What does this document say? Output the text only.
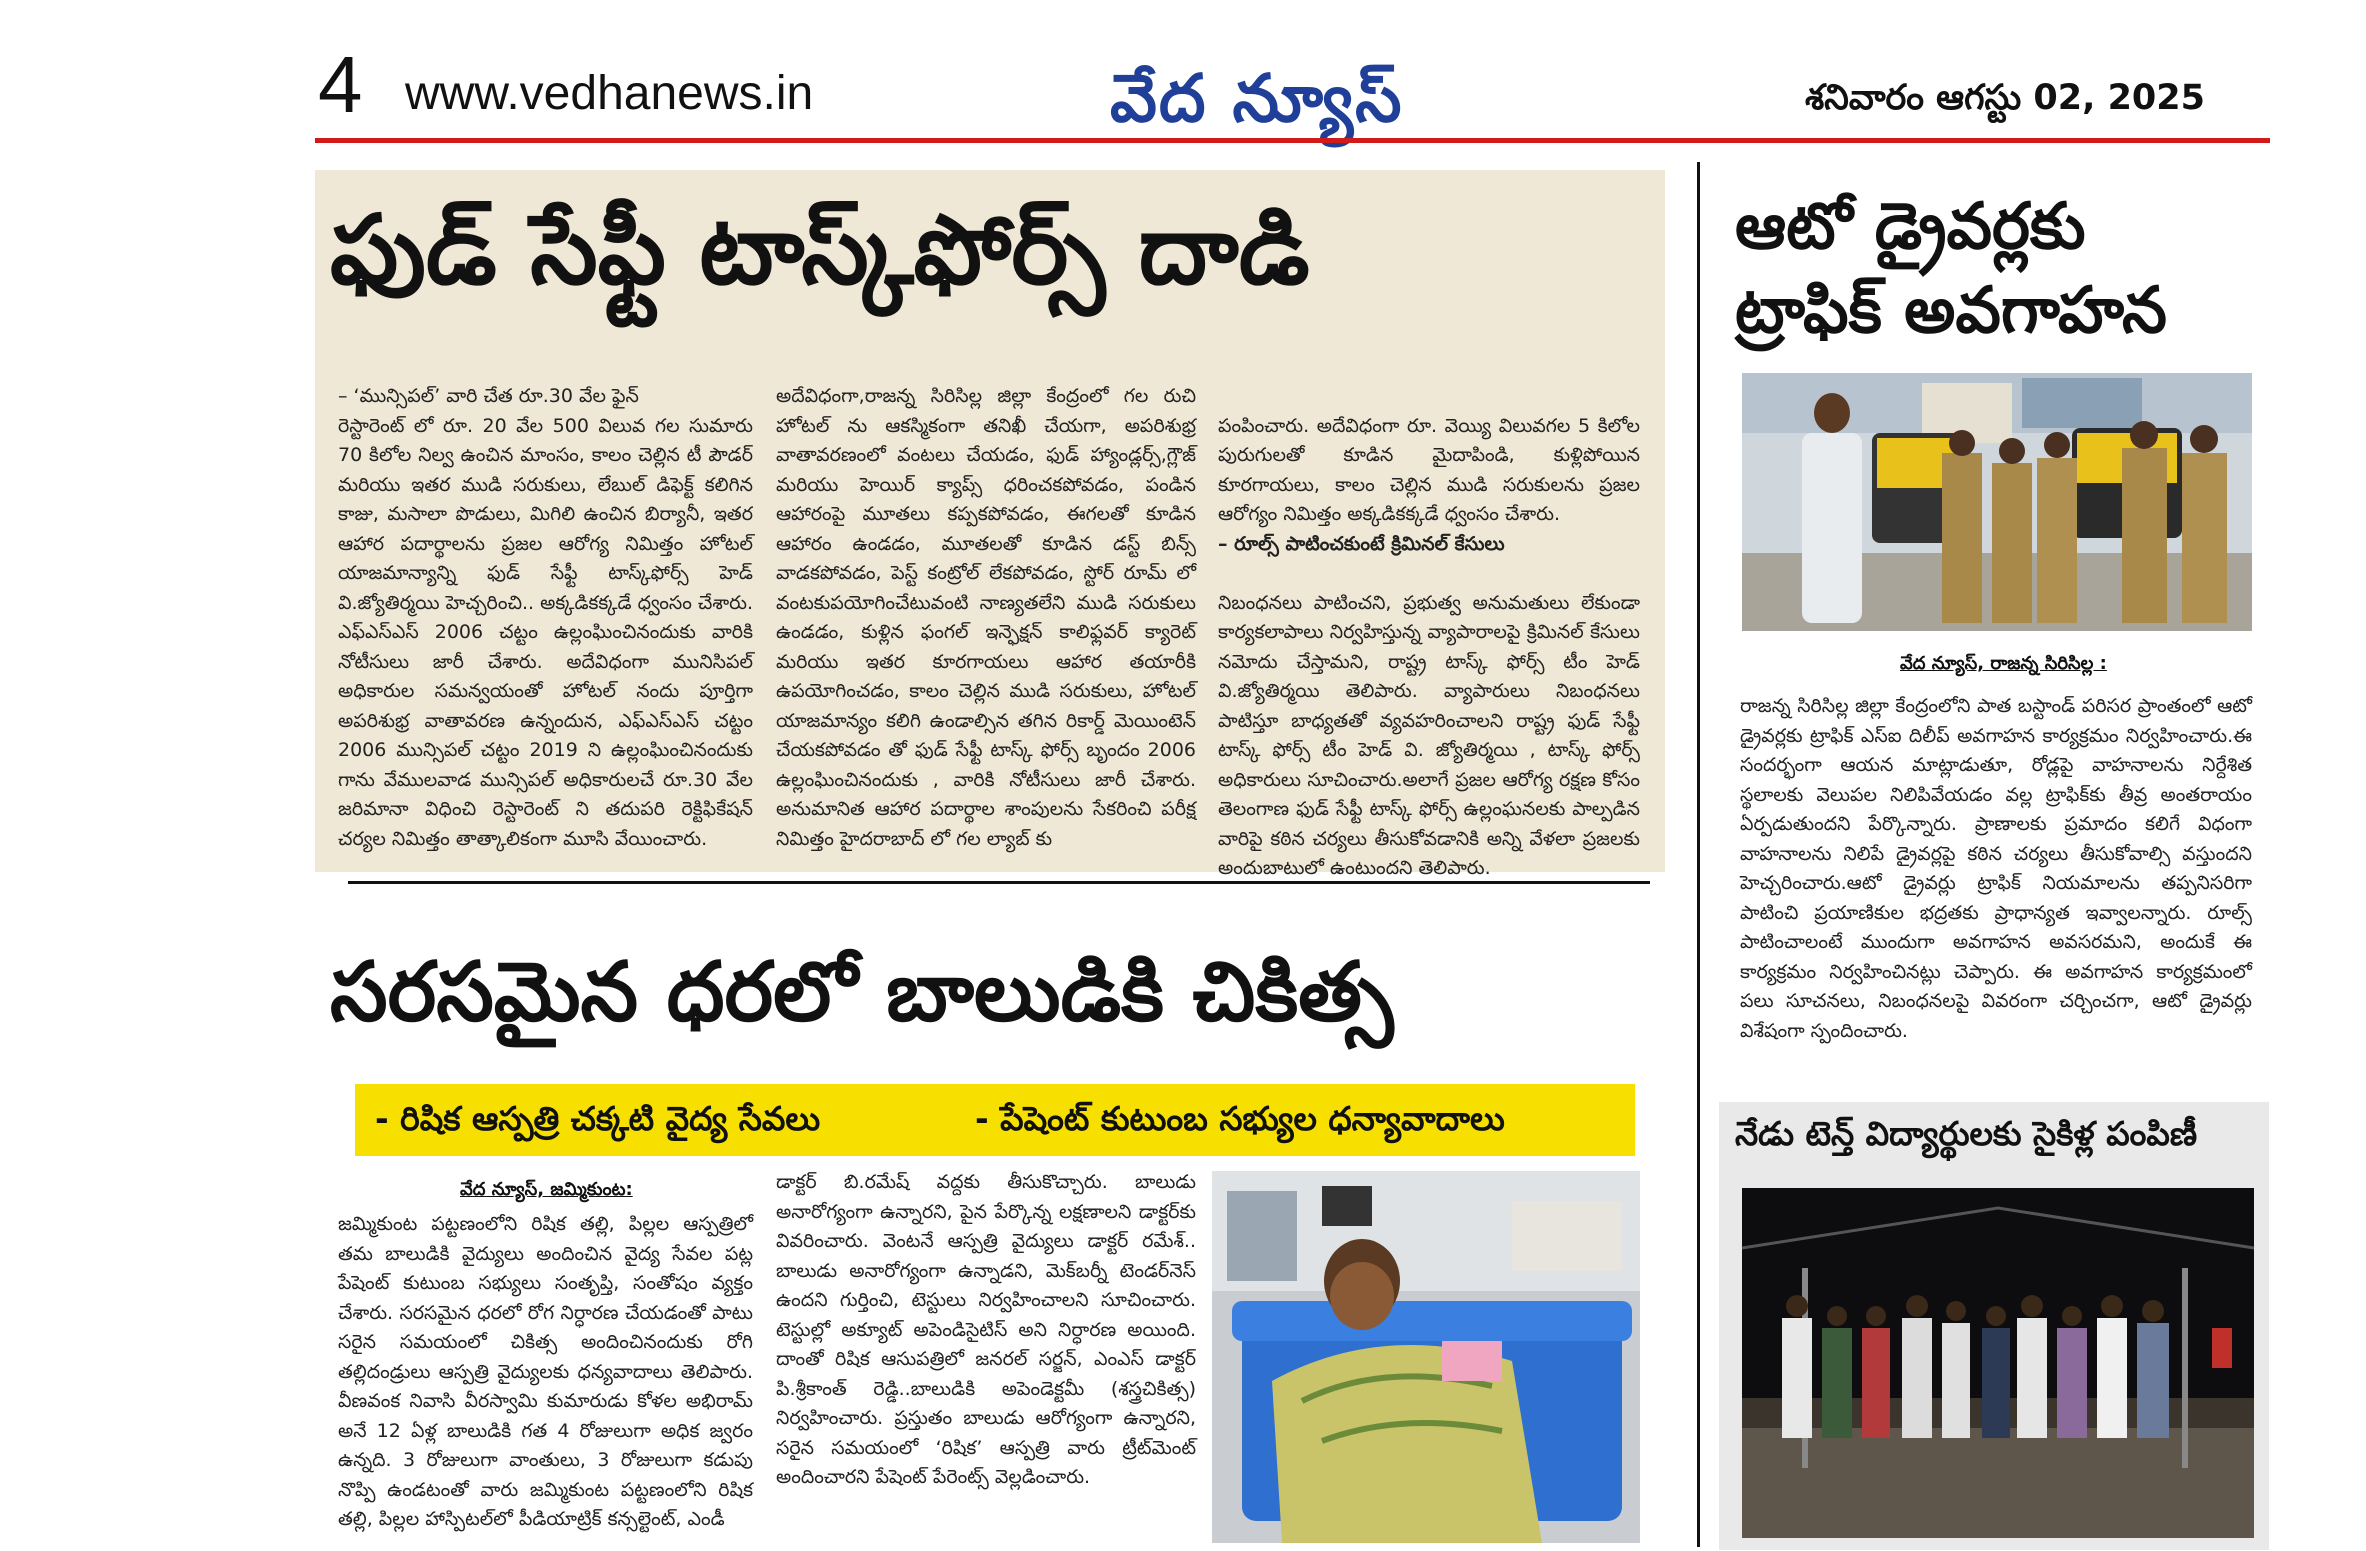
4 www.vedhanews.in	వేద న్యూస్	శనివారం ఆగస్టు 02, 2025
ఫుడ్ సేఫ్టీ టాస్క్‌ఫోర్స్ దాడి
– ‘మున్సిపల్’ వారి చేత రూ.30 వేల ఫైన్
రెస్టారెంట్ లో రూ. 20 వేల 500 విలువ గల సుమారు 70 కిలోల నిల్వ ఉంచిన మాంసం, కాలం చెల్లిన టీ పౌడర్ మరియు ఇతర ముడి సరుకులు, లేబుల్ డిఫెక్ట్ కలిగిన కాజు, మసాలా పొడులు, మిగిలి ఉంచిన బిర్యానీ, ఇతర ఆహార పదార్థాలను ప్రజల ఆరోగ్య నిమిత్తం హోటల్ యాజమాన్యాన్ని ఫుడ్ సేఫ్టీ టాస్క్‌ఫోర్స్ హెడ్ వి.జ్యోతిర్మయి హెచ్చరించి.. అక్కడికక్కడే ధ్వంసం చేశారు. ఎఫ్ఎస్ఎస్ 2006 చట్టం ఉల్లంఘించినందుకు వారికి నోటీసులు జారీ చేశారు. అదేవిధంగా మునిసిపల్ అధికారుల సమన్వయంతో హోటల్ నందు పూర్తిగా అపరిశుభ్ర వాతావరణ ఉన్నందున, ఎఫ్ఎస్ఎస్ చట్టం 2006 మున్సిపల్ చట్టం 2019 ని ఉల్లంఘించినందుకు గాను వేములవాడ మున్సిపల్ అధికారులచే రూ.30 వేల జరిమానా విధించి రెస్టారెంట్ ని తదుపరి రెక్టిఫికేషన్ చర్యల నిమిత్తం తాత్కాలికంగా మూసి వేయించారు.
అదేవిధంగా,రాజన్న సిరిసిల్ల జిల్లా కేంద్రంలో గల రుచి హోటల్ ను ఆకస్మికంగా తనిఖీ చేయగా, అపరిశుభ్ర వాతావరణంలో వంటలు చేయడం, ఫుడ్ హ్యాండ్లర్స్,గ్లౌజ్ మరియు హెయిర్ క్యాప్స్ ధరించకపోవడం, పండిన ఆహారంపై మూతలు కప్పకపోవడం, ఈగలతో కూడిన ఆహారం ఉండడం, మూతలతో కూడిన డస్ట్ బిన్స్ వాడకపోవడం, పెస్ట్ కంట్రోల్ లేకపోవడం, స్టోర్ రూమ్ లో వంటకుపయోగించేటువంటి నాణ్యతలేని ముడి సరుకులు ఉండడం, కుళ్లిన ఫంగల్ ఇన్ఫెక్షన్ కాలిఫ్లవర్ క్యారెట్ మరియు ఇతర కూరగాయలు ఆహార తయారీకి ఉపయోగించడం, కాలం చెల్లిన ముడి సరుకులు, హోటల్ యాజమాన్యం కలిగి ఉండాల్సిన తగిన రికార్డ్ మెయింటెన్ చేయకపోవడం తో ఫుడ్ సేఫ్టీ టాస్క్ ఫోర్స్ బృందం 2006 ఉల్లంఘించినందుకు , వారికి నోటీసులు జారీ చేశారు. అనుమానిత ఆహార పదార్థాల శాంపులను సేకరించి పరీక్ష నిమిత్తం హైదరాబాద్ లో గల ల్యాబ్ కు

పంపించారు. అదేవిధంగా రూ. వెయ్యి విలువగల 5 కిలోల పురుగులతో కూడిన మైదాపిండి, కుళ్లిపోయిన కూరగాయలు, కాలం చెల్లిన ముడి సరుకులను ప్రజల ఆరోగ్యం నిమిత్తం అక్కడికక్కడే ధ్వంసం చేశారు.

– రూల్స్ పాటించకుంటే క్రిమినల్ కేసులు

నిబంధనలు పాటించని, ప్రభుత్వ అనుమతులు లేకుండా కార్యకలాపాలు నిర్వహిస్తున్న వ్యాపారాలపై క్రిమినల్ కేసులు నమోదు చేస్తామని, రాష్ట్ర టాస్క్ ఫోర్స్ టీం హెడ్ వి.జ్యోతిర్మయి తెలిపారు. వ్యాపారులు నిబంధనలు పాటిస్తూ బాధ్యతతో వ్యవహరించాలని రాష్ట్ర ఫుడ్ సేఫ్టీ టాస్క్ ఫోర్స్ టీం హెడ్ వి. జ్యోతిర్మయి , టాస్క్ ఫోర్స్ అధికారులు సూచించారు.అలాగే ప్రజల ఆరోగ్య రక్షణ కోసం తెలంగాణ ఫుడ్ సేఫ్టీ టాస్క్ ఫోర్స్ ఉల్లంఘనలకు పాల్పడిన వారిపై కఠిన చర్యలు తీసుకోవడానికి అన్ని వేళలా ప్రజలకు అందుబాటులో ఉంటుందని తెలిపారు.

సరసమైన ధరలో బాలుడికి చికిత్స
- రిషిక ఆస్పత్రి చక్కటి వైద్య సేవలు	- పేషెంట్ కుటుంబ సభ్యుల ధన్యావాదాలు
వేద న్యూస్, జమ్మికుంట:
జమ్మికుంట పట్టణంలోని రిషిక తల్లి, పిల్లల ఆస్పత్రిలో తమ బాలుడికి వైద్యులు అందించిన వైద్య సేవల పట్ల పేషెంట్ కుటుంబ సభ్యులు సంతృప్తి, సంతోషం వ్యక్తం చేశారు. సరసమైన ధరలో రోగ నిర్ధారణ చేయడంతో పాటు సరైన సమయంలో చికిత్స అందించినందుకు రోగి తల్లిదండ్రులు ఆస్పత్రి వైద్యులకు ధన్యవాదాలు తెలిపారు. వీణవంక నివాసి వీరస్వామి కుమారుడు కోళల అభిరామ్ అనే 12 ఏళ్ల బాలుడికి గత 4 రోజులుగా అధిక జ్వరం ఉన్నది. 3 రోజులుగా వాంతులు, 3 రోజులుగా కడుపు నొప్పి ఉండటంతో వారు జమ్మికుంట పట్టణంలోని రిషిక తల్లి, పిల్లల హాస్పిటల్‌లో పీడియాట్రిక్ కన్సల్టెంట్, ఎండీ
డాక్టర్ బి.రమేష్ వద్దకు తీసుకొచ్చారు. బాలుడు అనారోగ్యంగా ఉన్నారని, పైన పేర్కొన్న లక్షణాలని డాక్టర్‌కు వివరించారు. వెంటనే ఆస్పత్రి వైద్యులు డాక్టర్ రమేశ్.. బాలుడు అనారోగ్యంగా ఉన్నాడని, మెక్‌బర్నీ టెండర్‌నెస్ ఉందని గుర్తించి, టెస్టులు నిర్వహించాలని సూచించారు. టెస్టుల్లో అక్యూట్ అపెండిసైటిస్ అని నిర్ధారణ అయింది. దాంతో రిషిక ఆసుపత్రిలో జనరల్ సర్జన్, ఎంఎస్ డాక్టర్ పి.శ్రీకాంత్ రెడ్డి..బాలుడికి అపెండెక్టమీ (శస్త్రచికిత్స) నిర్వహించారు. ప్రస్తుతం బాలుడు ఆరోగ్యంగా ఉన్నారని, సరైన సమయంలో ‘రిషిక’ ఆస్పత్రి వారు ట్రీట్‌మెంట్ అందించారని పేషెంట్ పేరెంట్స్ వెల్లడించారు.
ఆటో డ్రైవర్లకు
ట్రాఫిక్ అవగాహన
వేద న్యూస్, రాజన్న సిరిసిల్ల :
రాజన్న సిరిసిల్ల జిల్లా కేంద్రంలోని పాత బస్టాండ్ పరిసర ప్రాంతంలో ఆటో డ్రైవర్లకు ట్రాఫిక్ ఎస్ఐ దిలీప్ అవగాహన కార్యక్రమం నిర్వహించారు.ఈ సందర్భంగా ఆయన మాట్లాడుతూ, రోడ్లపై వాహనాలను నిర్దేశిత స్థలాలకు వెలుపల నిలిపివేయడం వల్ల ట్రాఫిక్‌కు తీవ్ర అంతరాయం ఏర్పడుతుందని పేర్కొన్నారు. ప్రాణాలకు ప్రమాదం కలిగే విధంగా వాహనాలను నిలిపే డ్రైవర్లపై కఠిన చర్యలు తీసుకోవాల్సి వస్తుందని హెచ్చరించారు.ఆటో డ్రైవర్లు ట్రాఫిక్ నియమాలను తప్పనిసరిగా పాటించి ప్రయాణికుల భద్రతకు ప్రాధాన్యత ఇవ్వాలన్నారు. రూల్స్ పాటించాలంటే ముందుగా అవగాహన అవసరమని, అందుకే ఈ కార్యక్రమం నిర్వహించినట్లు చెప్పారు. ఈ అవగాహన కార్యక్రమంలో పలు సూచనలు, నిబంధనలపై వివరంగా చర్చించగా, ఆటో డ్రైవర్లు విశేషంగా స్పందించారు.
నేడు టెన్త్ విద్యార్థులకు సైకిళ్ల పంపిణీ
